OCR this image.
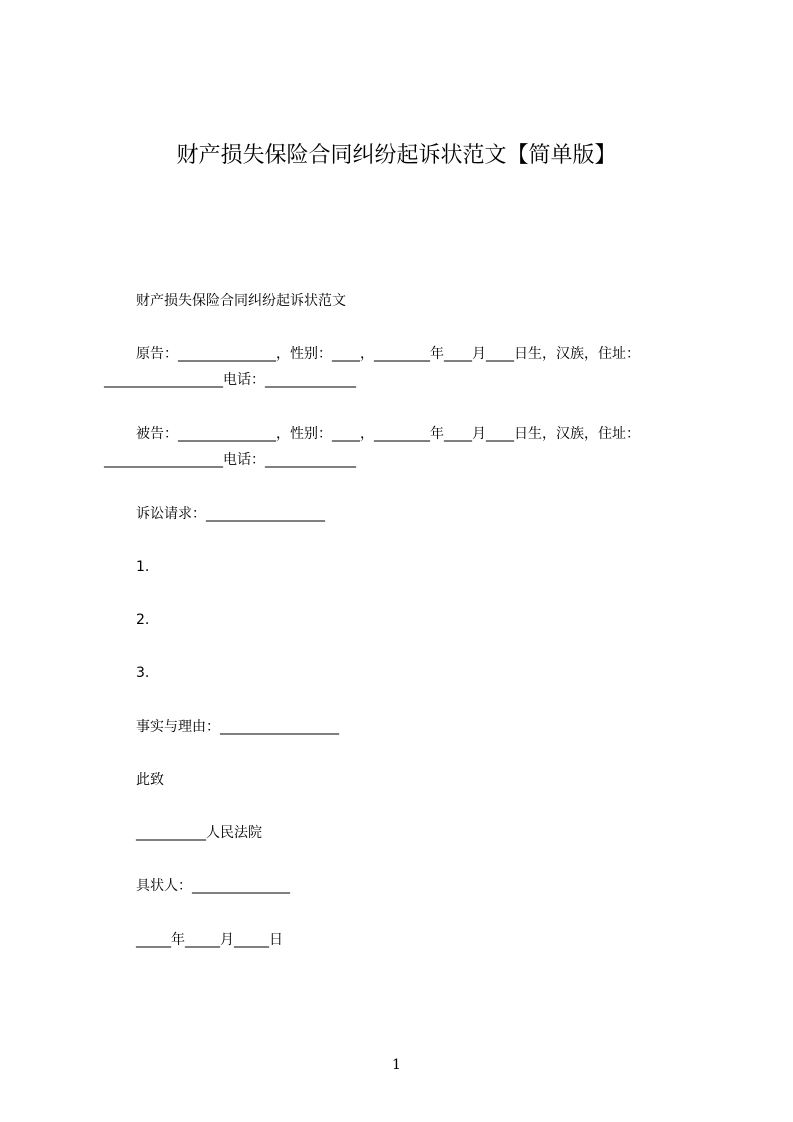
财产损失保险合同纠纷起诉状范文【简单版】

财产损失保险合同纠纷起诉状范文

原告：______________，性别：____，________年____月____日生，汉族，住址：_________________电话：_____________

被告：______________，性别：____，________年____月____日生，汉族，住址：_________________电话：_____________

诉讼请求：_________________

1.

2.

3.

事实与理由：_________________

此致

__________人民法院

具状人：______________

_____年_____月_____日

1
